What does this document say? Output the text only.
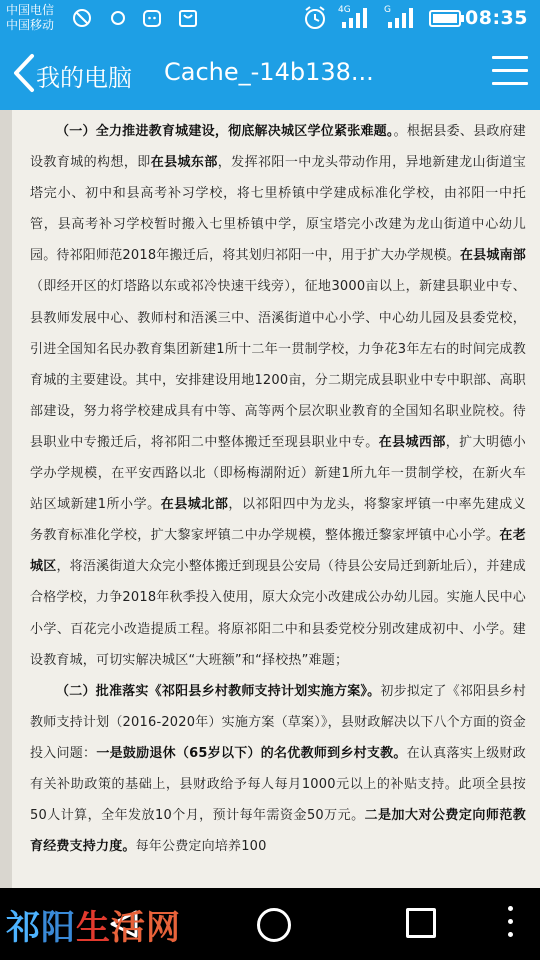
中国电信
中国移动
4G	G	08:35
我的电脑 Cache_-14b138...

（一）全力推进教育城建设，彻底解决城区学位紧张难题。。根据县委、县政府建设教育城的构想，即在县城东部，发挥祁阳一中龙头带动作用，异地新建龙山街道宝塔完小、初中和县高考补习学校，将七里桥镇中学建成标准化学校，由祁阳一中托管，县高考补习学校暂时搬入七里桥镇中学，原宝塔完小改建为龙山街道中心幼儿园。待祁阳师范2018年搬迁后，将其划归祁阳一中，用于扩大办学规模。在县城南部（即经开区的灯塔路以东或祁冷快速干线旁），征地3000亩以上，新建县职业中专、县教师发展中心、教师村和浯溪三中、浯溪街道中心小学、中心幼儿园及县委党校，引进全国知名民办教育集团新建1所十二年一贯制学校，力争花3年左右的时间完成教育城的主要建设。其中，安排建设用地1200亩，分二期完成县职业中专中职部、高职部建设，努力将学校建成具有中等、高等两个层次职业教育的全国知名职业院校。待县职业中专搬迁后，将祁阳二中整体搬迁至现县职业中专。在县城西部，扩大明德小学办学规模，在平安西路以北（即杨梅湖附近）新建1所九年一贯制学校，在新火车站区域新建1所小学。在县城北部，以祁阳四中为龙头，将黎家坪镇一中率先建成义务教育标准化学校，扩大黎家坪镇二中办学规模，整体搬迁黎家坪镇中心小学。在老城区，将浯溪街道大众完小整体搬迁到现县公安局（待县公安局迁到新址后），并建成合格学校，力争2018年秋季投入使用，原大众完小改建成公办幼儿园。实施人民中心小学、百花完小改造提质工程。将原祁阳二中和县委党校分别改建成初中、小学。建设教育城，可切实解决城区“大班额”和“择校热”难题；

（二）批准落实《祁阳县乡村教师支持计划实施方案》。初步拟定了《祁阳县乡村教师支持计划（2016-2020年）实施方案（草案）》，县财政解决以下八个方面的资金投入问题：一是鼓励退休（65岁以下）的名优教师到乡村支教。在认真落实上级财政有关补助政策的基础上，县财政给予每人每月1000元以上的补贴支持。此项全县按50人计算，全年发放10个月，预计每年需资金50万元。二是加大对公费定向师范教育经费支持力度。每年公费定向培养100

祁阳生活网
